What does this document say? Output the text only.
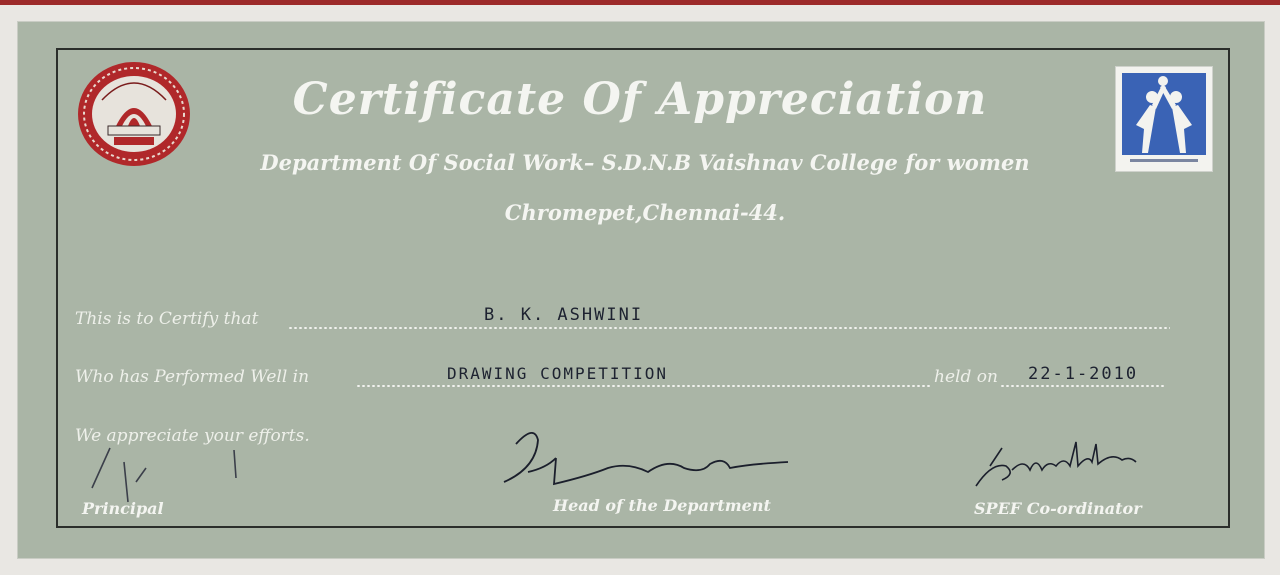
Certificate Of Appreciation
Department Of Social Work– S.D.N.B Vaishnav College for women
Chromepet,Chennai-44.
This is to Certify that	B. K. ASHWINI
Who has Performed Well in	DRAWING COMPETITION	held on 22-1-2010
We appreciate your efforts.
Principal	Head of the Department	SPEF Co-ordinator
